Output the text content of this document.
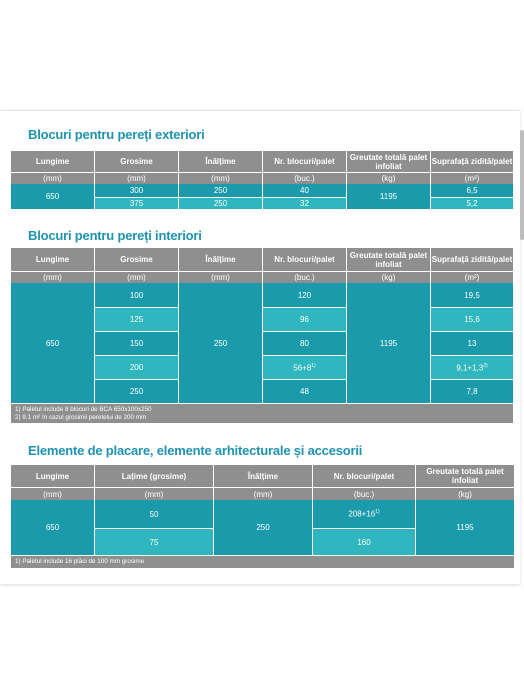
Blocuri pentru pereți exteriori
Lungime	Grosime	Înălțime	Nr. blocuri/palet	Greutate totală palet infoliat	Suprafață zidită/palet
(mm)	(mm)	(mm)	(buc.)	(kg)	(m²)
650	300	250	40	1195	6,5
	375	250	32		5,2
Blocuri pentru pereți interiori
Lungime	Grosime	Înălțime	Nr. blocuri/palet	Greutate totală palet infoliat	Suprafață zidită/palet
(mm)	(mm)	(mm)	(buc.)	(kg)	(m²)
650	100	250	120	1195	19,5
	125		96		15,6
	150		80		13
	200		$56+8^{1)}$		$9,1+1,3^{2)}$
	250		48		7,8

1) Paletul include 8 blocuri de BCA 650x100x250
2) 9,1 m² în cazul grosimii peretelui de 200 mm					
Elemente de placare, elemente arhitecturale și accesorii
Lungime	Lațime (grosime)	Înălțime	Nr. blocuri/palet	Greutate totală palet infoliat
(mm)	(mm)	(mm)	(buc.)	(kg)
650	50	250	$208+16^{1)}$	1195
	75		160	

1) Paletul include 16 plăci de 100 mm grosime				
